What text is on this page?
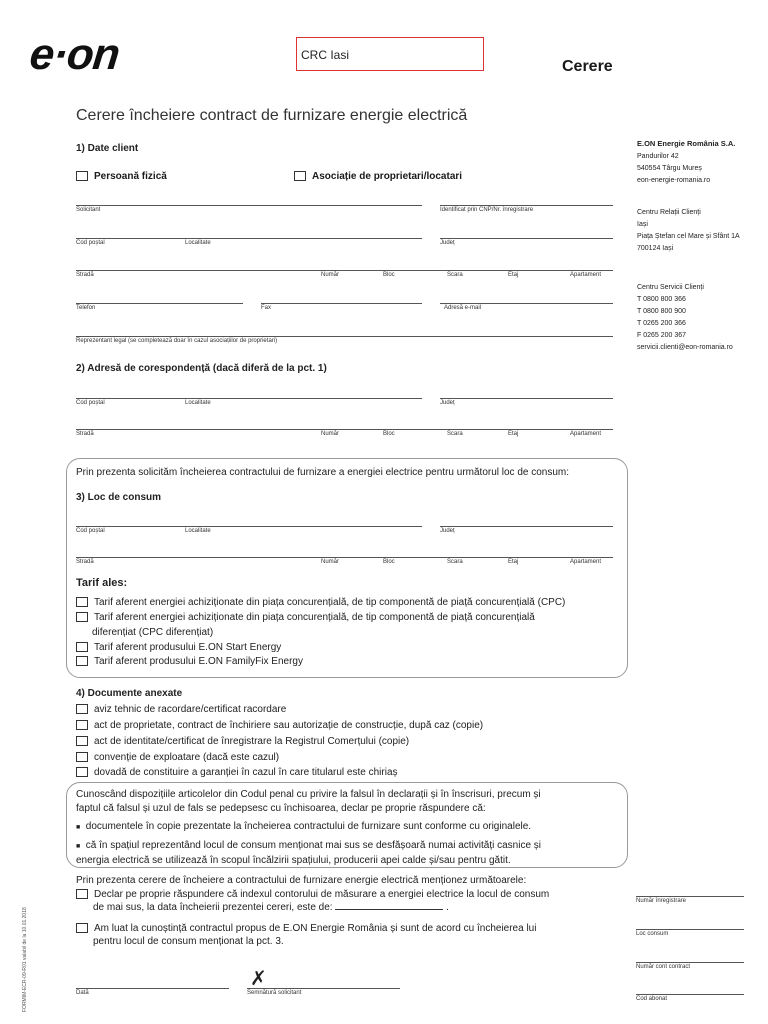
e·on	CRC Iasi
Cerere
Cerere încheiere contract de furnizare energie electrică
E.ON Energie România S.A.
Pandurilor 42
540554 Târgu Mureș
eon-energie-romania.ro
Centru Relații Clienți
Iași
Piața Ștefan cel Mare și Sfânt 1A
700124 Iași
Centru Servicii Clienți
T 0800 800 366
T 0800 800 900
T 0265 200 366
F 0265 200 367
servicii.clienti@eon-romania.ro
1) Date client
Persoană fizică	Asociație de proprietari/locatari
Solicitant	Identificat prin CNP/Nr. înregistrare
Cod poștal	Localitate	Județ
Stradă	Număr	Bloc	Scara	Etaj	Apartament
Telefon	Fax	Adresă e-mail
Reprezentant legal (se completează doar în cazul asociațiilor de proprietari)
2) Adresă de corespondență (dacă diferă de la pct. 1)
Cod poștal	Localitate	Județ
Stradă	Număr	Bloc	Scara	Etaj	Apartament
Prin prezenta solicităm încheierea contractului de furnizare a energiei electrice pentru următorul loc de consum:
3) Loc de consum
Cod poștal	Localitate	Județ
Stradă	Număr	Bloc	Scara	Etaj	Apartament
Tarif ales:
Tarif aferent energiei achiziționate din piața concurențială, de tip componentă de piață concurențială (CPC)
Tarif aferent energiei achiziționate din piața concurențială, de tip componentă de piață concurențială
diferențiat (CPC diferențiat)
Tarif aferent produsului E.ON Start Energy
Tarif aferent produsului E.ON FamilyFix Energy
4) Documente anexate
aviz tehnic de racordare/certificat racordare
act de proprietate, contract de închiriere sau autorizație de construcție, după caz (copie)
act de identitate/certificat de înregistrare la Registrul Comerțului (copie)
convenție de exploatare (dacă este cazul)
dovadă de constituire a garanției în cazul în care titularul este chiriaș
Cunoscând dispozițiile articolelor din Codul penal cu privire la falsul în declarații și în înscrisuri, precum și
faptul că falsul și uzul de fals se pedepsesc cu închisoarea, declar pe proprie răspundere că:
■ documentele în copie prezentate la încheierea contractului de furnizare sunt conforme cu originalele.
■ că în spațiul reprezentând locul de consum menționat mai sus se desfășoară numai activități casnice și
energia electrică se utilizează în scopul încălzirii spațiului, producerii apei calde și/sau pentru gătit.
Prin prezenta cerere de încheiere a contractului de furnizare energie electrică menționez următoarele:
Declar pe proprie răspundere că indexul contorului de măsurare a energiei electrice la locul de consum
de mai sus, la data încheierii prezentei cereri, este de:	.
Am luat la cunoștință contractul propus de E.ON Energie România și sunt de acord cu încheierea lui
pentru locul de consum menționat la pct. 3.
✗
Dată	Semnătură solicitant
Număr înregistrare
Loc consum
Număr cont contract
Cod abonat
FORMIM-ECR-09-R01 valabil de la 10.01.2018
